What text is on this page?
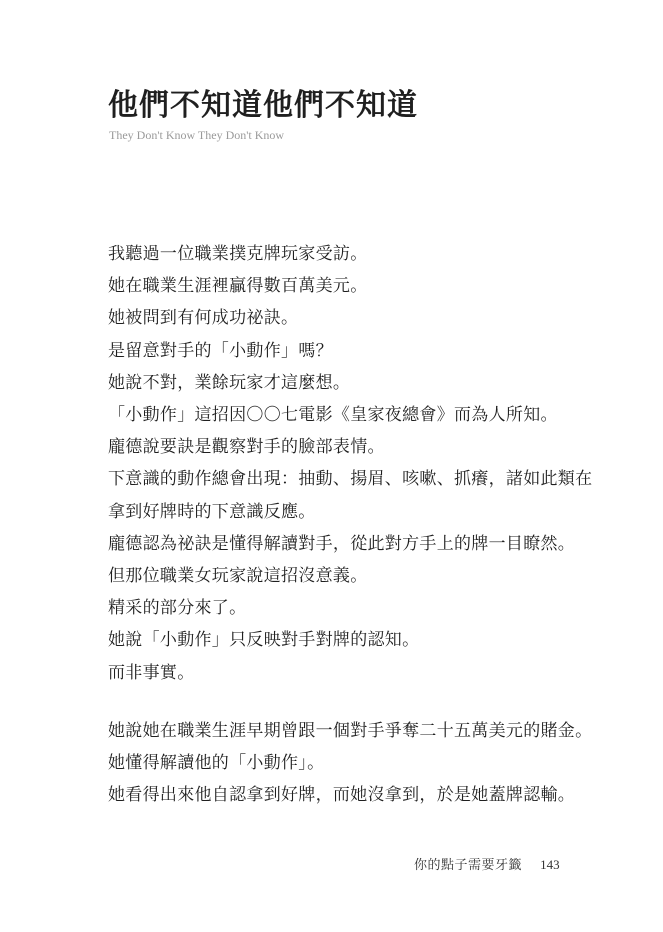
他們不知道他們不知道
They Don't Know They Don't Know

我聽過一位職業撲克牌玩家受訪。
她在職業生涯裡贏得數百萬美元。
她被問到有何成功祕訣。
是留意對手的「小動作」嗎？
她說不對，業餘玩家才這麼想。
「小動作」這招因〇〇七電影《皇家夜總會》而為人所知。
龐德說要訣是觀察對手的臉部表情。
下意識的動作總會出現：抽動、揚眉、咳嗽、抓癢，諸如此類在
拿到好牌時的下意識反應。
龐德認為祕訣是懂得解讀對手，從此對方手上的牌一目瞭然。
但那位職業女玩家說這招沒意義。
精采的部分來了。
她說「小動作」只反映對手對牌的認知。
而非事實。

她說她在職業生涯早期曾跟一個對手爭奪二十五萬美元的賭金。
她懂得解讀他的「小動作」。
她看得出來他自認拿到好牌，而她沒拿到，於是她蓋牌認輸。

你的點子需要牙籤 143
